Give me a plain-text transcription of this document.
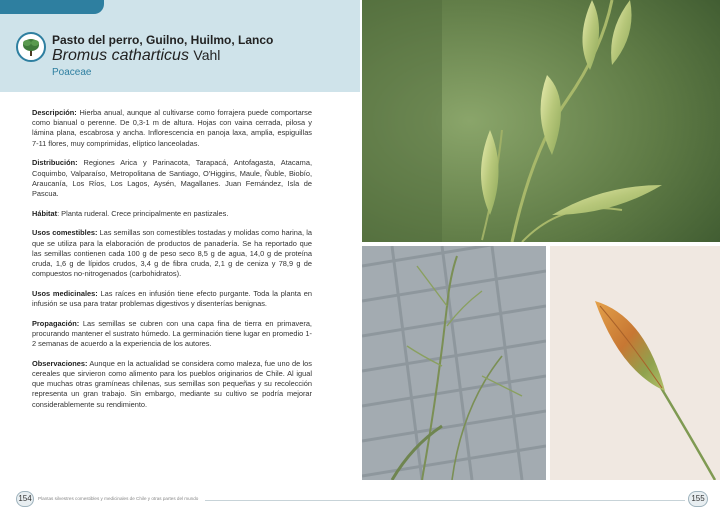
Pasto del perro, Guilno, Huilmo, Lanco
Bromus catharticus Vahl
Poaceae

Descripción: Hierba anual, aunque al cultivarse como forrajera puede comportarse como bianual o perenne. De 0,3-1 m de altura. Hojas con vaina cerrada, pilosa y lámina plana, escabrosa y ancha. Inflorescencia en panoja laxa, amplia, espiguillas 7-11 flores, muy comprimidas, elíptico lanceoladas.

Distribución: Regiones Arica y Parinacota, Tarapacá, Antofagasta, Atacama, Coquimbo, Valparaíso, Metropolitana de Santiago, O'Higgins, Maule, Ñuble, Biobío, Araucanía, Los Ríos, Los Lagos, Aysén, Magallanes. Juan Fernández, Isla de Pascua.

Hábitat: Planta ruderal. Crece principalmente en pastizales.

Usos comestibles: Las semillas son comestibles tostadas y molidas como harina, la que se utiliza para la elaboración de productos de panadería. Se ha reportado que las semillas contienen cada 100 g de peso seco 8,5 g de agua, 14,0 g de proteína cruda, 1,6 g de lípidos crudos, 3,4 g de fibra cruda, 2,1 g de ceniza y 78,9 g de compuestos no-nitrogenados (carbohidratos).

Usos medicinales: Las raíces en infusión tiene efecto purgante. Toda la planta en infusión se usa para tratar problemas digestivos y disenterías benignas.

Propagación: Las semillas se cubren con una capa fina de tierra en primavera, procurando mantener el sustrato húmedo. La germinación tiene lugar en promedio 1-2 semanas de acuerdo a la experiencia de los autores.

Observaciones: Aunque en la actualidad se considera como maleza, fue uno de los cereales que sirvieron como alimento para los pueblos originarios de Chile. Al igual que muchas otras gramíneas chilenas, sus semillas son pequeñas y su recolección representa un gran trabajo. Sin embargo, mediante su cultivo se podría mejorar considerablemente su rendimiento.

154	Plantas silvestres comestibles y medicinales de Chile y otras partes del mundo	155
